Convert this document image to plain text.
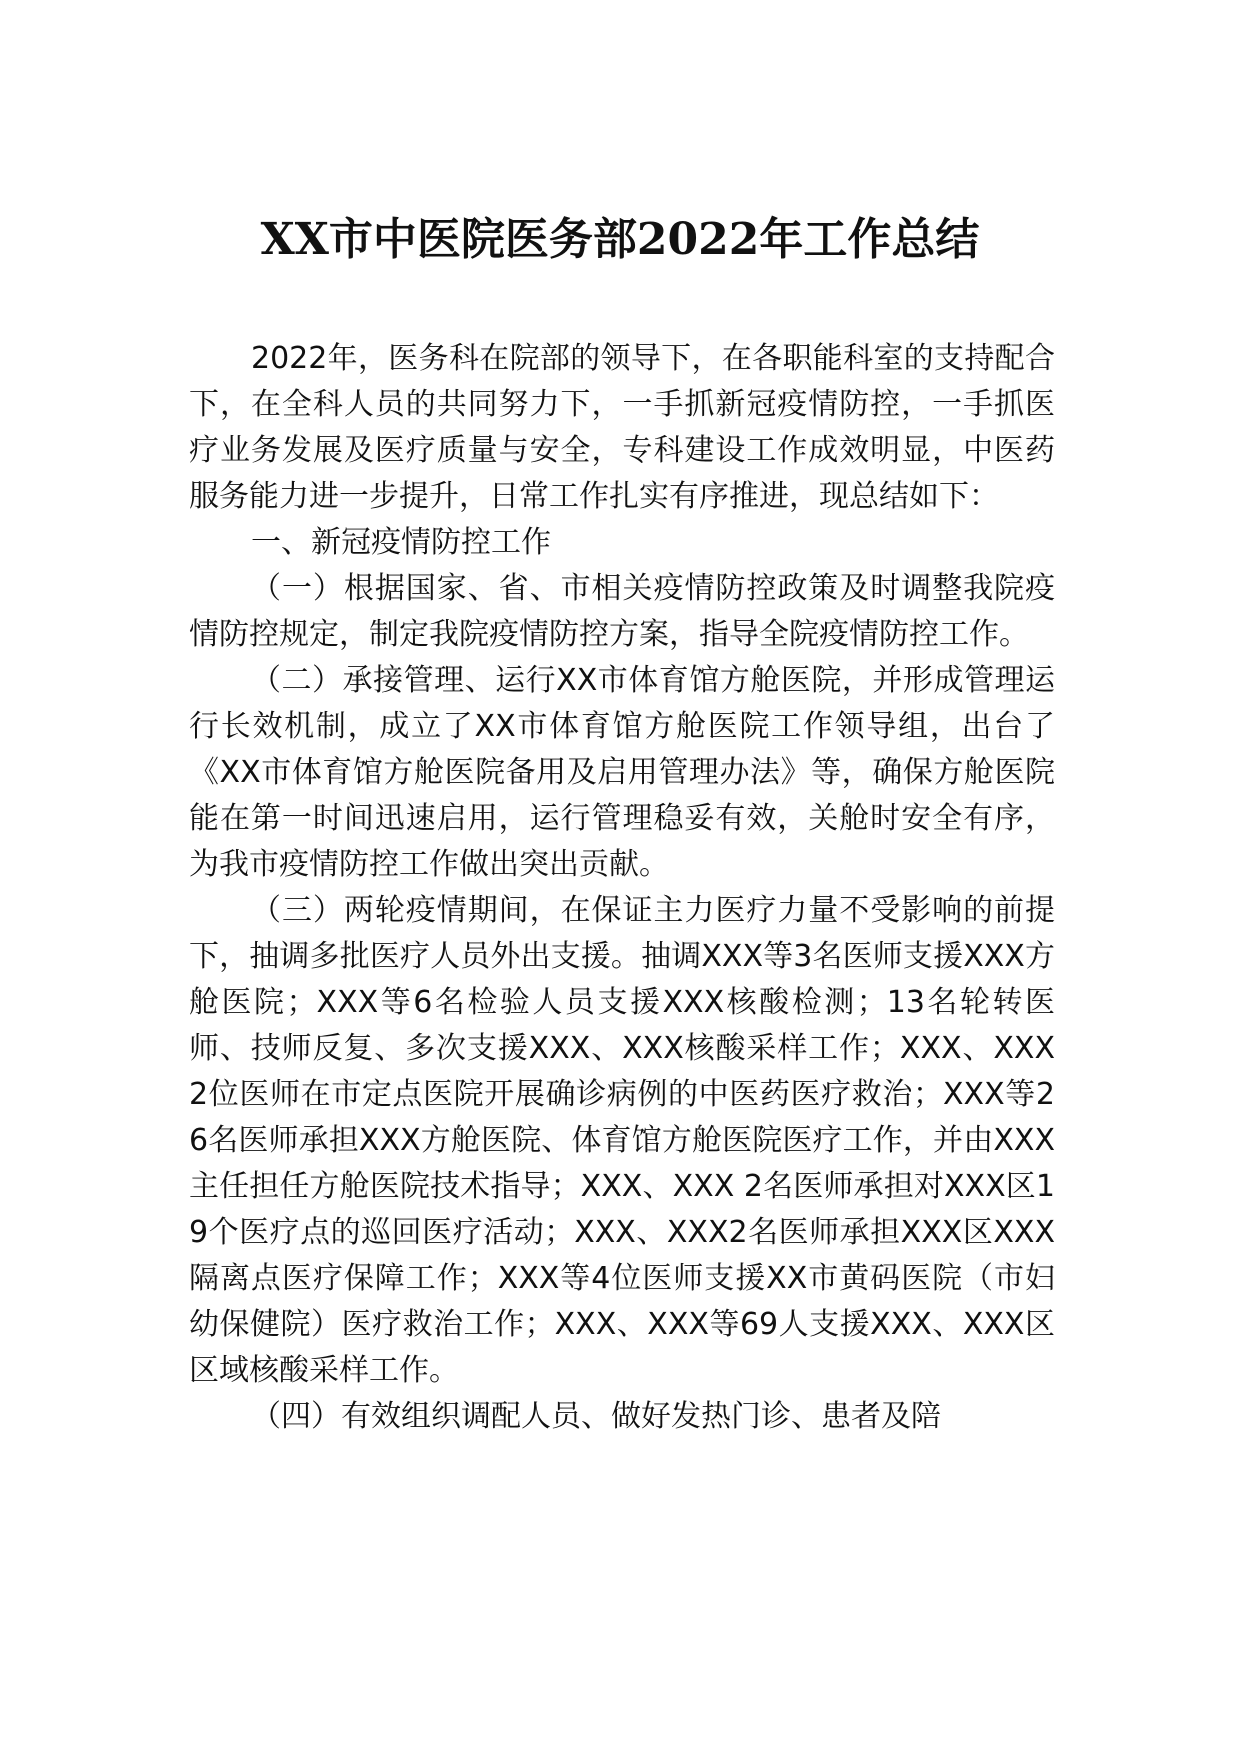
XX市中医院医务部2022年工作总结

2022年，医务科在院部的领导下，在各职能科室的支持配合下，在全科人员的共同努力下，一手抓新冠疫情防控，一手抓医疗业务发展及医疗质量与安全，专科建设工作成效明显，中医药服务能力进一步提升，日常工作扎实有序推进，现总结如下：

一、新冠疫情防控工作

（一）根据国家、省、市相关疫情防控政策及时调整我院疫情防控规定，制定我院疫情防控方案，指导全院疫情防控工作。

（二）承接管理、运行XX市体育馆方舱医院，并形成管理运行长效机制，成立了XX市体育馆方舱医院工作领导组，出台了《XX市体育馆方舱医院备用及启用管理办法》等，确保方舱医院能在第一时间迅速启用，运行管理稳妥有效，关舱时安全有序，为我市疫情防控工作做出突出贡献。

（三）两轮疫情期间，在保证主力医疗力量不受影响的前提下，抽调多批医疗人员外出支援。抽调XXX等3名医师支援XXX方舱医院；XXX等6名检验人员支援XXX核酸检测；13名轮转医师、技师反复、多次支援XXX、XXX核酸采样工作；XXX、XXX 2位医师在市定点医院开展确诊病例的中医药医疗救治；XXX等26名医师承担XXX方舱医院、体育馆方舱医院医疗工作，并由XXX主任担任方舱医院技术指导；XXX、XXX 2名医师承担对XXX区19个医疗点的巡回医疗活动；XXX、XXX2名医师承担XXX区XXX隔离点医疗保障工作；XXX等4位医师支援XX市黄码医院（市妇幼保健院）医疗救治工作；XXX、XXX等69人支援XXX、XXX区区域核酸采样工作。

（四）有效组织调配人员、做好发热门诊、患者及陪
